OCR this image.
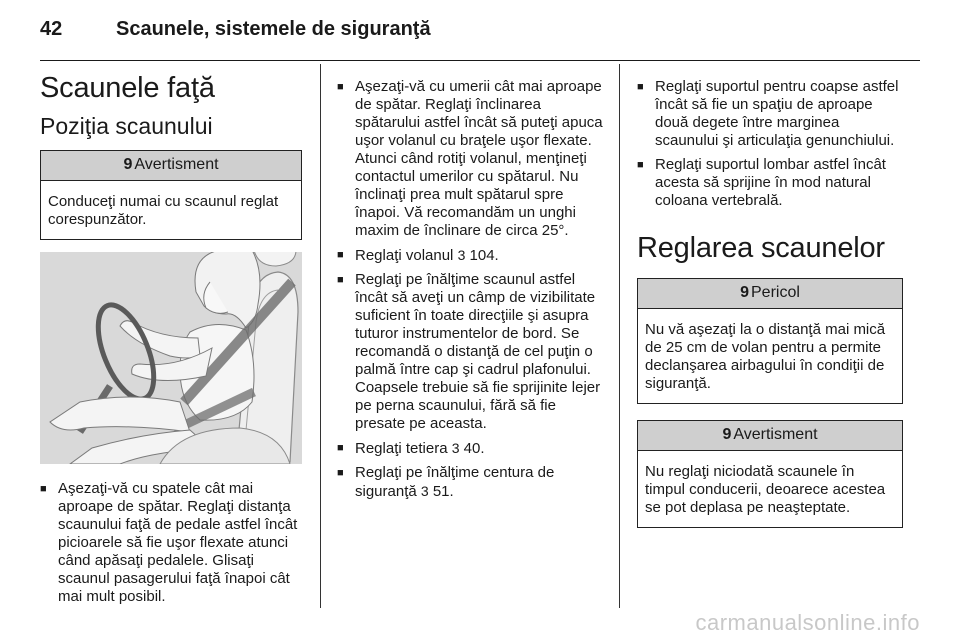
42	Scaunele, sistemele de siguranţă
Scaunele faţă
Poziţia scaunului
9 Avertisment
Conduceţi numai cu scaunul reglat corespunzător.
■ Aşezaţi-vă cu spatele cât mai aproape de spătar. Reglaţi distanţa scaunului faţă de pedale astfel încât picioarele să fie uşor flexate atunci când apăsaţi pedalele. Glisaţi scaunul pasagerului faţă înapoi cât mai mult posibil.
■ Aşezaţi-vă cu umerii cât mai aproape de spătar. Reglaţi înclinarea spătarului astfel încât să puteţi apuca uşor volanul cu braţele uşor flexate. Atunci când rotiţi volanul, menţineţi contactul umerilor cu spătarul. Nu înclinaţi prea mult spătarul spre înapoi. Vă recomandăm un unghi maxim de înclinare de circa 25°.
■ Reglaţi volanul 3 104.
■ Reglaţi pe înălţime scaunul astfel încât să aveţi un câmp de vizibilitate suficient în toate direcţiile şi asupra tuturor instrumentelor de bord. Se recomandă o distanţă de cel puţin o palmă între cap şi cadrul plafonului. Coapsele trebuie să fie sprijinite lejer pe perna scaunului, fără să fie presate pe aceasta.
■ Reglaţi tetiera 3 40.
■ Reglaţi pe înălţime centura de siguranţă 3 51.
■ Reglaţi suportul pentru coapse astfel încât să fie un spaţiu de aproape două degete între marginea scaunului şi articulaţia genunchiului.
■ Reglaţi suportul lombar astfel încât acesta să sprijine în mod natural coloana vertebrală.
Reglarea scaunelor
9 Pericol
Nu vă aşezaţi la o distanţă mai mică de 25 cm de volan pentru a permite declanşarea airbagului în condiţii de siguranţă.
9 Avertisment
Nu reglaţi niciodată scaunele în timpul conducerii, deoarece acestea se pot deplasa pe neaşteptate.
carmanualsonline.info
